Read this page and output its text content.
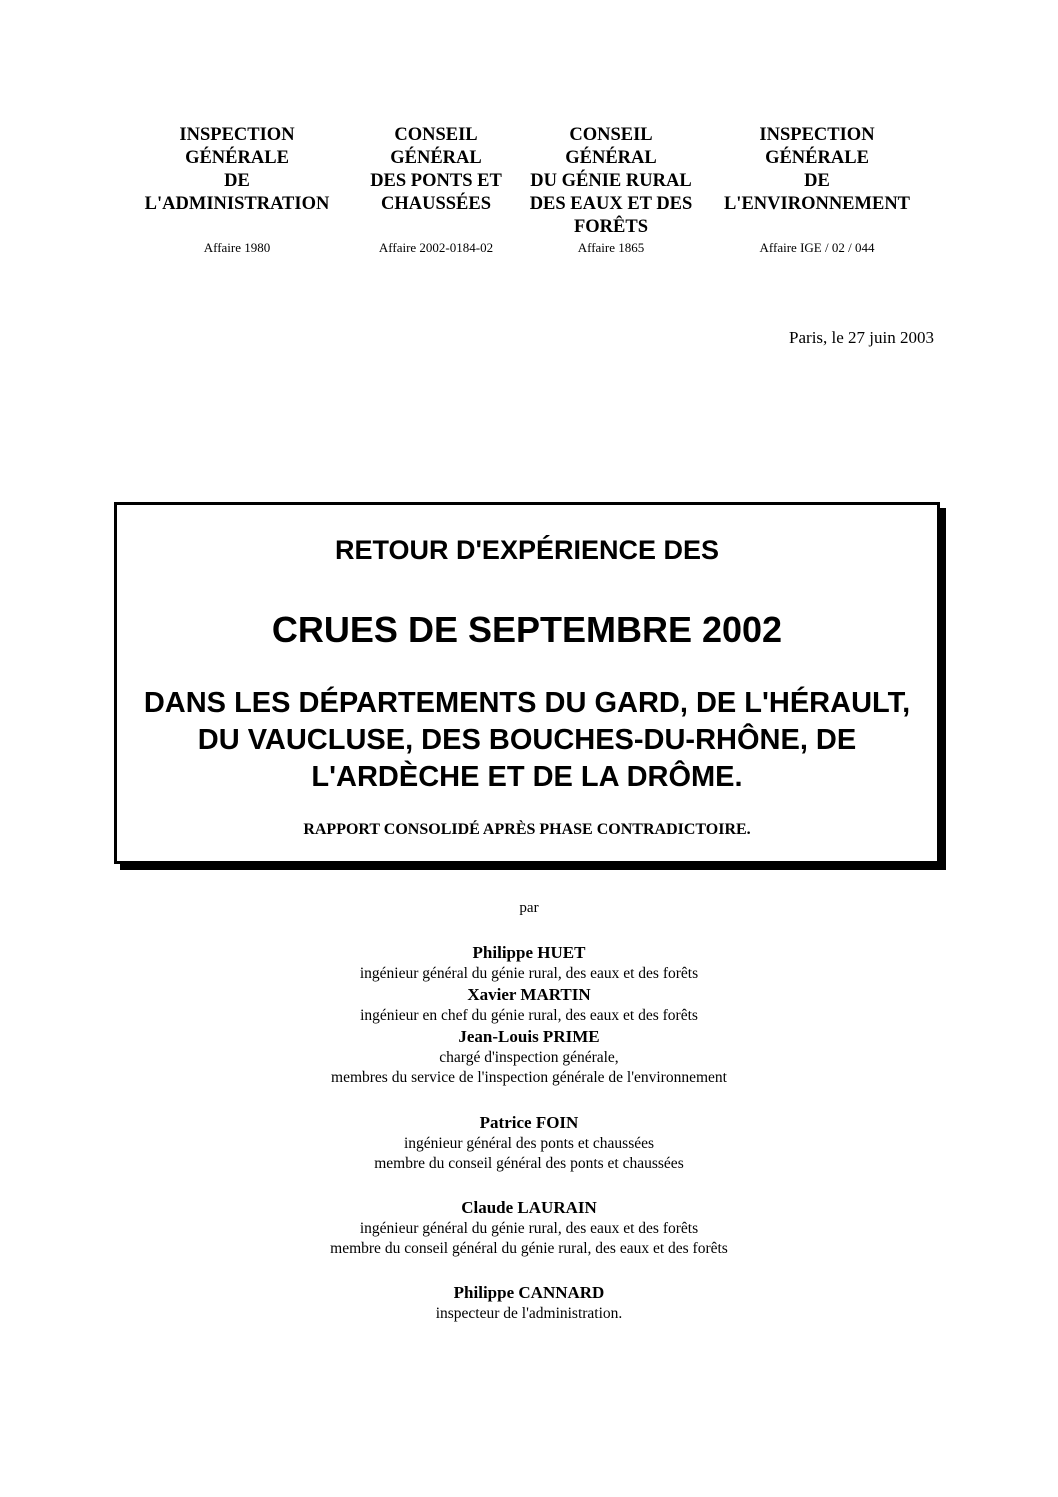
INSPECTION
GÉNÉRALE
DE
L'ADMINISTRATION
Affaire 1980
CONSEIL
GÉNÉRAL
DES PONTS ET
CHAUSSÉES
Affaire 2002-0184-02
CONSEIL
GÉNÉRAL
DU GÉNIE RURAL
DES EAUX ET DES
FORÊTS
Affaire 1865
INSPECTION
GÉNÉRALE
DE
L'ENVIRONNEMENT
Affaire IGE / 02 / 044
Paris, le 27 juin 2003
RETOUR D'EXPÉRIENCE DES
CRUES DE SEPTEMBRE 2002
DANS LES DÉPARTEMENTS DU GARD, DE L'HÉRAULT, DU VAUCLUSE, DES BOUCHES-DU-RHÔNE, DE L'ARDÈCHE ET DE LA DRÔME.
RAPPORT CONSOLIDÉ APRÈS PHASE CONTRADICTOIRE.
par
Philippe HUET
ingénieur général du génie rural, des eaux et des forêts
Xavier MARTIN
ingénieur en chef du génie rural, des eaux et des forêts
Jean-Louis PRIME
chargé d'inspection générale,
membres du service de l'inspection générale de l'environnement
Patrice FOIN
ingénieur général des ponts et chaussées
membre du conseil général des ponts et chaussées
Claude LAURAIN
ingénieur général du génie rural, des eaux et des forêts
membre du conseil général du génie rural, des eaux et des forêts
Philippe CANNARD
inspecteur de l'administration.
